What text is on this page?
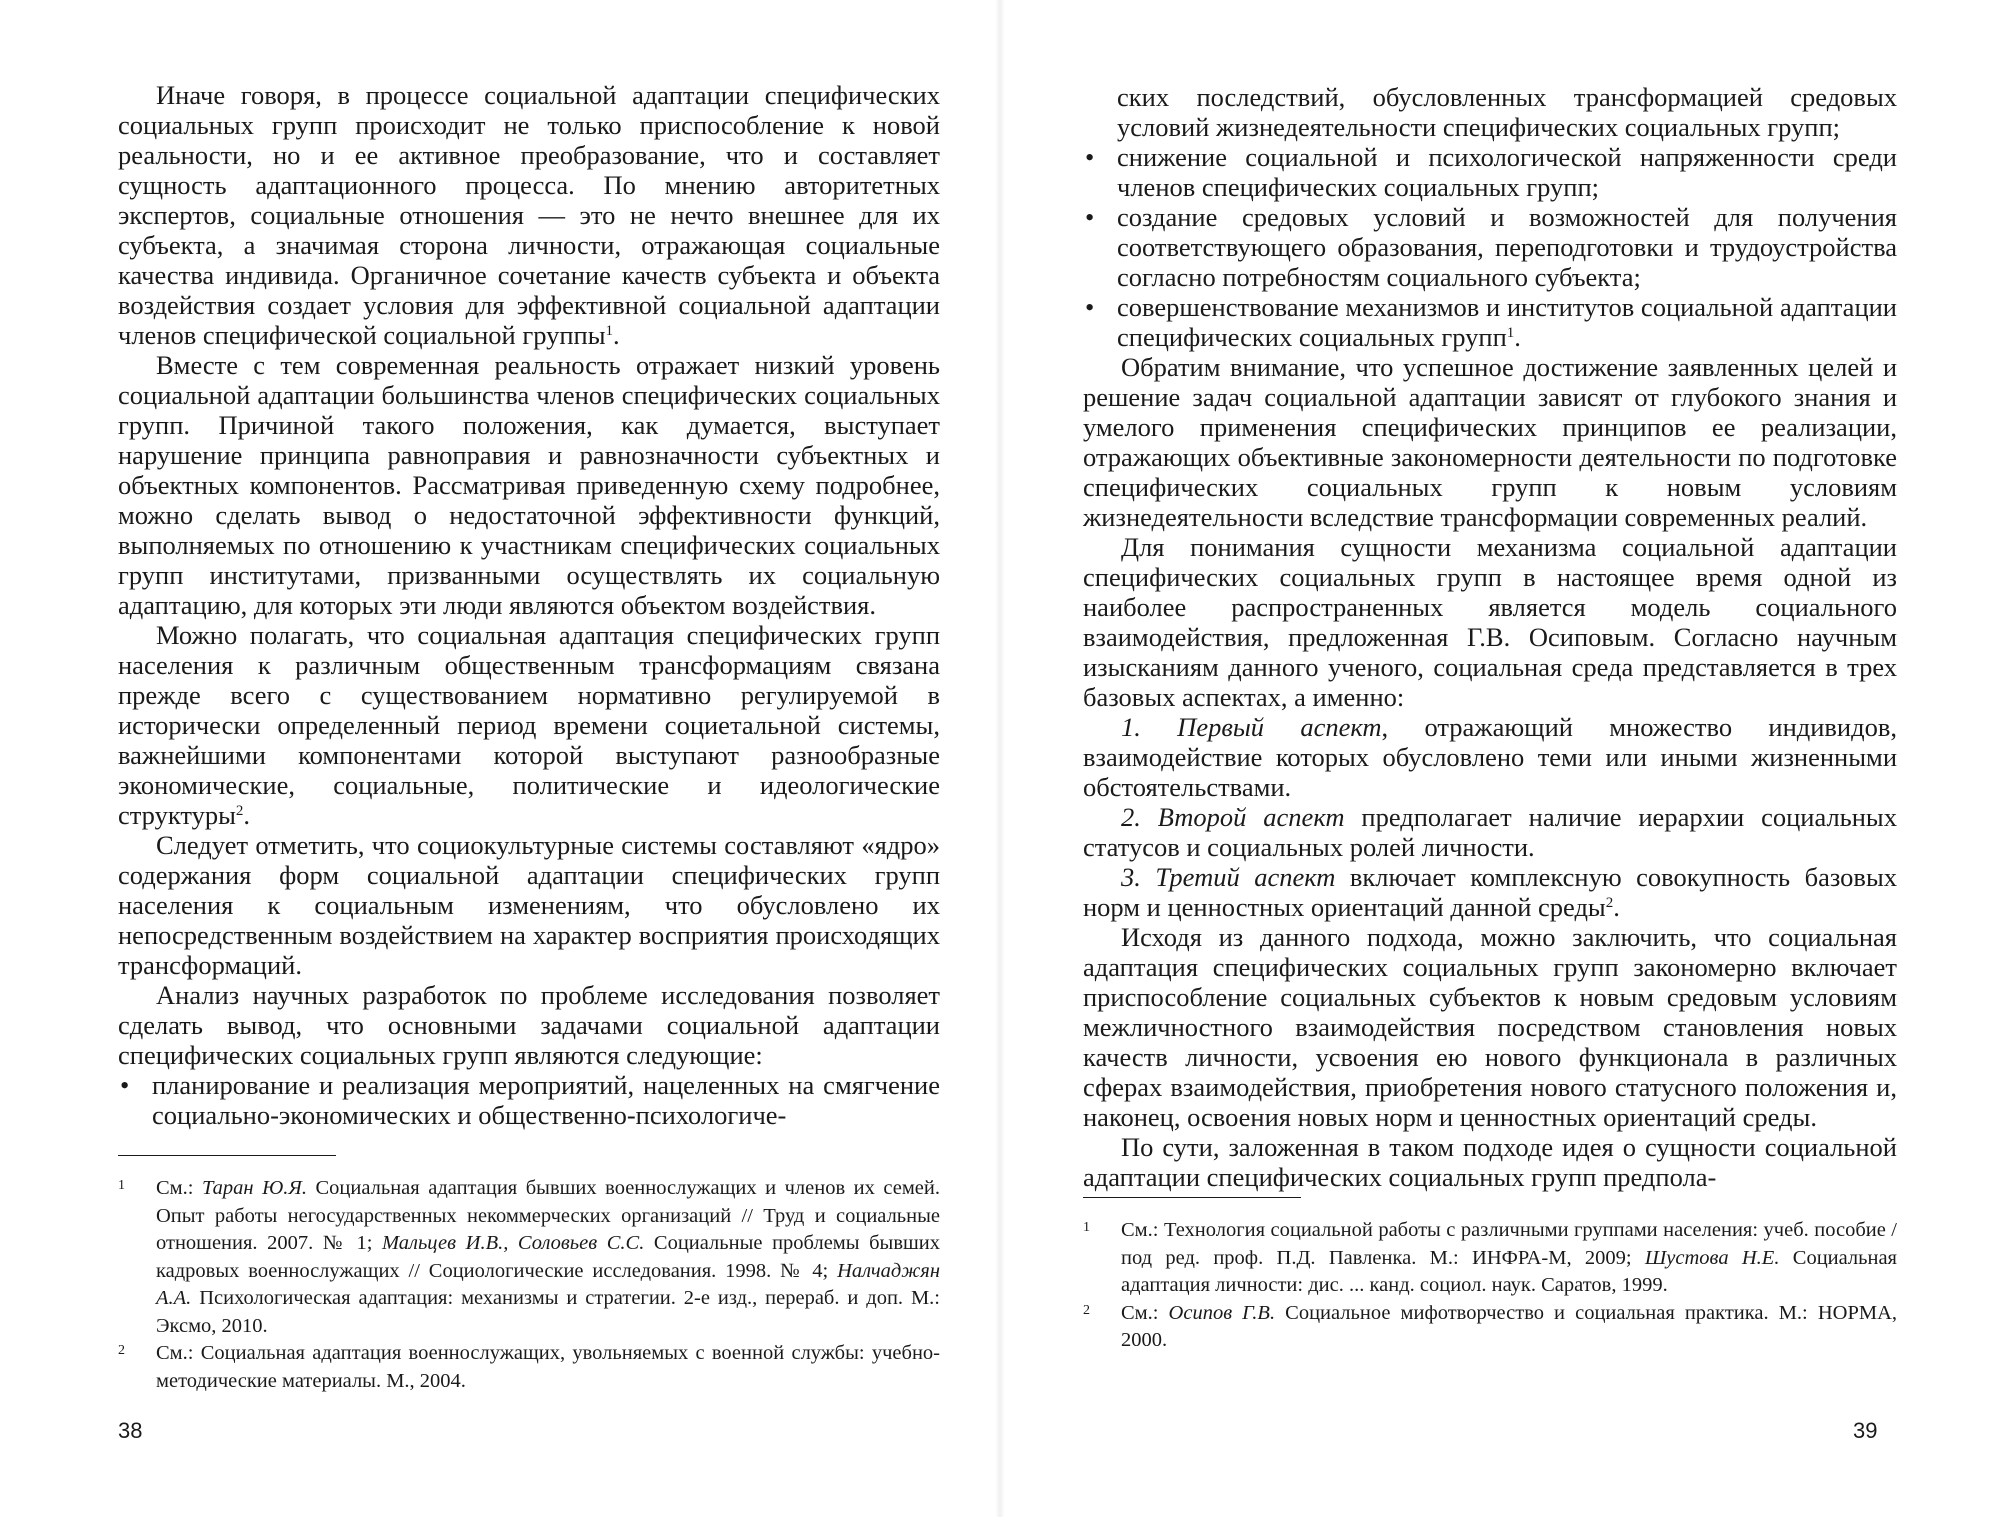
Иначе говоря, в процессе социальной адаптации специфических социальных групп происходит не только приспособление к новой реальности, но и ее активное преобразование, что и составляет сущность адаптационного процесса. По мнению авторитетных экспертов, социальные отношения — это не нечто внешнее для их субъекта, а значимая сторона личности, отражающая социальные качества индивида. Органичное сочетание качеств субъекта и объекта воздействия создает условия для эффективной социальной адаптации членов специфической социальной группы$^1$.

Вместе с тем современная реальность отражает низкий уровень социальной адаптации большинства членов специфических социальных групп. Причиной такого положения, как думается, выступает нарушение принципа равноправия и равнозначности субъектных и объектных компонентов. Рассматривая приведенную схему подробнее, можно сделать вывод о недостаточной эффективности функций, выполняемых по отношению к участникам специфических социальных групп институтами, призванными осуществлять их социальную адаптацию, для которых эти люди являются объектом воздействия.

Можно полагать, что социальная адаптация специфических групп населения к различным общественным трансформациям связана прежде всего с существованием нормативно регулируемой в исторически определенный период времени социетальной системы, важнейшими компонентами которой выступают разнообразные экономические, социальные, политические и идеологические структуры$^2$.

Следует отметить, что социокультурные системы составляют «ядро» содержания форм социальной адаптации специфических групп населения к социальным изменениям, что обусловлено их непосредственным воздействием на характер восприятия происходящих трансформаций.

Анализ научных разработок по проблеме исследования позволяет сделать вывод, что основными задачами социальной адаптации специфических социальных групп являются следующие:

• планирование и реализация мероприятий, нацеленных на смягчение социально-экономических и общественно-психологиче-

1 См.: Таран Ю.Я. Социальная адаптация бывших военнослужащих и членов их семей. Опыт работы негосударственных некоммерческих организаций // Труд и социальные отношения. 2007. № 1; Мальцев И.В., Соловьев С.С. Социальные проблемы бывших кадровых военнослужащих // Социологические исследования. 1998. № 4; Налчаджян А.А. Психологическая адаптация: механизмы и стратегии. 2-е изд., перераб. и доп. М.: Эксмо, 2010.

2 См.: Социальная адаптация военнослужащих, увольняемых с военной службы: учебно-методические материалы. М., 2004.

38

ских последствий, обусловленных трансформацией средовых условий жизнедеятельности специфических социальных групп;

• снижение социальной и психологической напряженности среди членов специфических социальных групп;
• создание средовых условий и возможностей для получения соответствующего образования, переподготовки и трудоустройства согласно потребностям социального субъекта;
• совершенствование механизмов и институтов социальной адаптации специфических социальных групп$^1$.

Обратим внимание, что успешное достижение заявленных целей и решение задач социальной адаптации зависят от глубокого знания и умелого применения специфических принципов ее реализации, отражающих объективные закономерности деятельности по подготовке специфических социальных групп к новым условиям жизнедеятельности вследствие трансформации современных реалий.

Для понимания сущности механизма социальной адаптации специфических социальных групп в настоящее время одной из наиболее распространенных является модель социального взаимодействия, предложенная Г.В. Осиповым. Согласно научным изысканиям данного ученого, социальная среда представляется в трех базовых аспектах, а именно:

1. Первый аспект, отражающий множество индивидов, взаимодействие которых обусловлено теми или иными жизненными обстоятельствами.

2. Второй аспект предполагает наличие иерархии социальных статусов и социальных ролей личности.

3. Третий аспект включает комплексную совокупность базовых норм и ценностных ориентаций данной среды$^2$.

Исходя из данного подхода, можно заключить, что социальная адаптация специфических социальных групп закономерно включает приспособление социальных субъектов к новым средовым условиям межличностного взаимодействия посредством становления новых качеств личности, усвоения ею нового функционала в различных сферах взаимодействия, приобретения нового статусного положения и, наконец, освоения новых норм и ценностных ориентаций среды.

По сути, заложенная в таком подходе идея о сущности социальной адаптации специфических социальных групп предпола-

1 См.: Технология социальной работы с различными группами населения: учеб. пособие / под ред. проф. П.Д. Павленка. М.: ИНФРА-М, 2009; Шустова Н.Е. Социальная адаптация личности: дис. ... канд. социол. наук. Саратов, 1999.

2 См.: Осипов Г.В. Социальное мифотворчество и социальная практика. М.: НОРМА, 2000.

39
